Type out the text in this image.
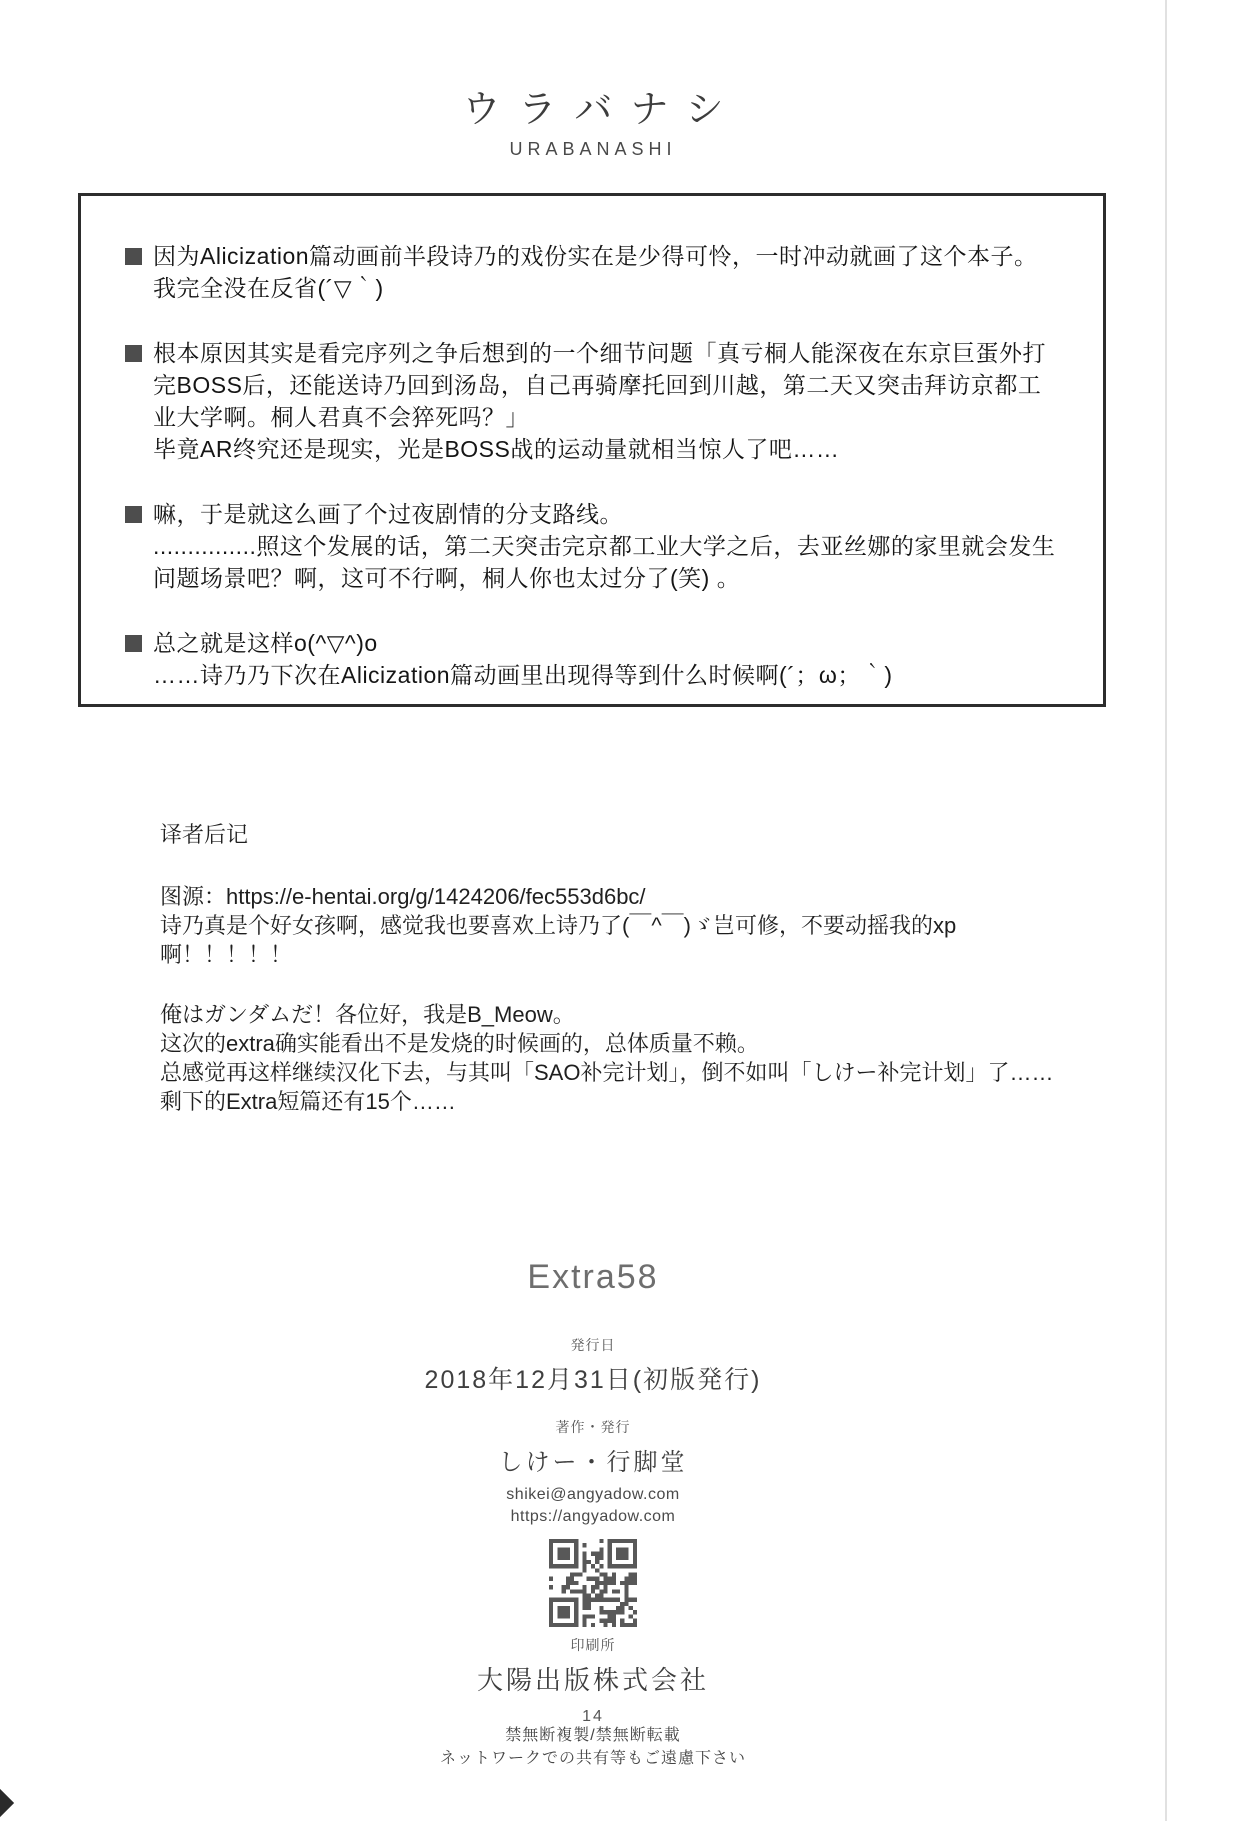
ウラバナシ
URABANASHI
因为Alicization篇动画前半段诗乃的戏份实在是少得可怜，一时冲动就画了这个本子。我完全没在反省(´▽｀)
根本原因其实是看完序列之争后想到的一个细节问题「真亏桐人能深夜在东京巨蛋外打完BOSS后，还能送诗乃回到汤岛，自己再骑摩托回到川越，第二天又突击拜访京都工业大学啊。桐人君真不会猝死吗？」
毕竟AR终究还是现实，光是BOSS战的运动量就相当惊人了吧……
嘛，于是就这么画了个过夜剧情的分支路线。
...............照这个发展的话，第二天突击完京都工业大学之后，去亚丝娜的家里就会发生问题场景吧？啊，这可不行啊，桐人你也太过分了(笑) 。
总之就是这样o(^▽^)o
……诗乃乃下次在Alicization篇动画里出现得等到什么时候啊(´；ω；｀)
译者后记

图源：https://e-hentai.org/g/1424206/fec553d6bc/
诗乃真是个好女孩啊，感觉我也要喜欢上诗乃了(￣^￣)ゞ岂可修，不要动摇我的xp啊！！！！！

俺はガンダムだ！各位好，我是B_Meow。
这次的extra确实能看出不是发烧的时候画的，总体质量不赖。
总感觉再这样继续汉化下去，与其叫「SAO补完计划」，倒不如叫「しけー补完计划」了……
剩下的Extra短篇还有15个……

Extra58
発行日
2018年12月31日(初版発行)
著作・発行
しけー・行脚堂
shikei@angyadow.com
https://angyadow.com
印刷所
大陽出版株式会社
禁無断複製/禁無断転載
ネットワークでの共有等もご遠慮下さい
14
